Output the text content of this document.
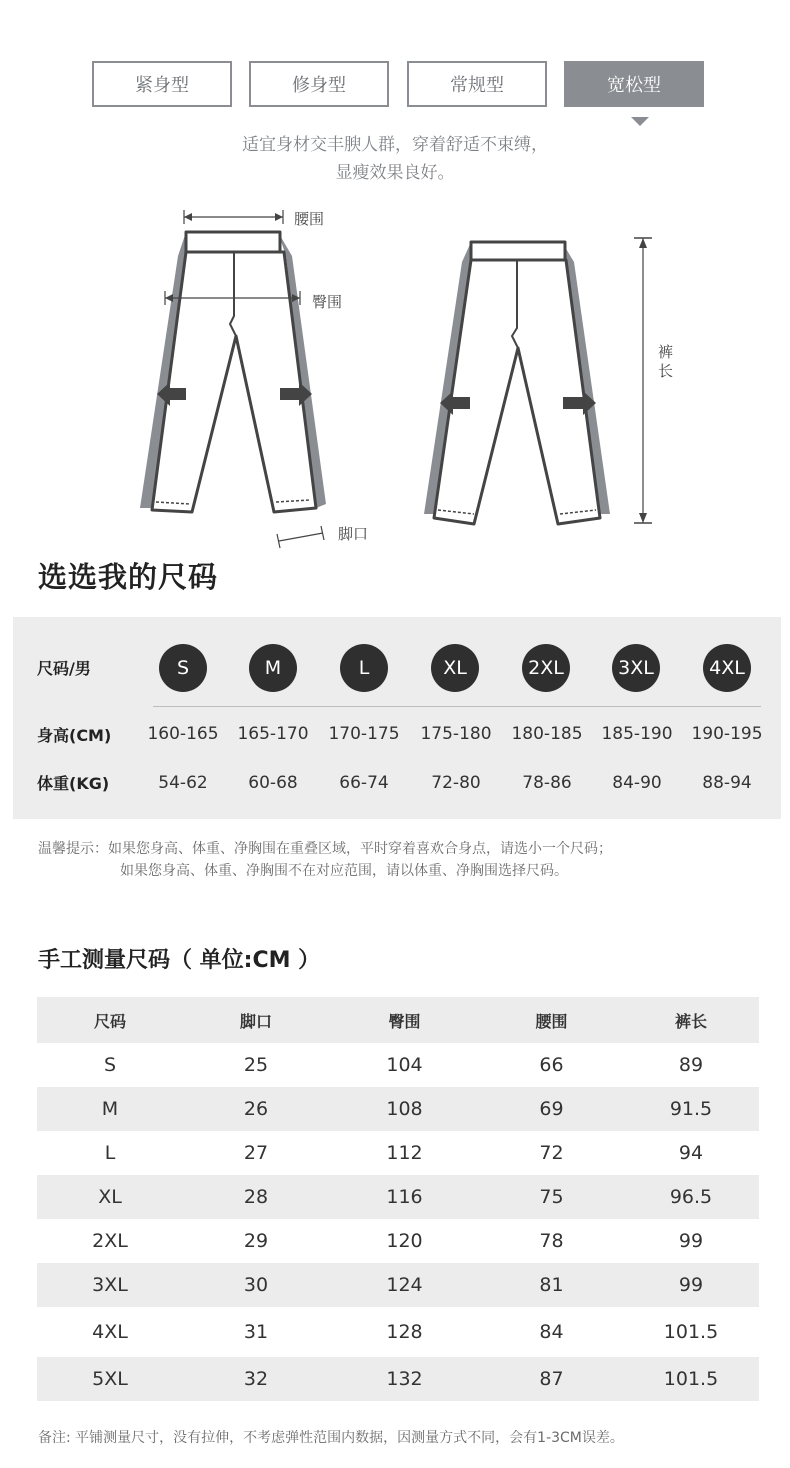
紧身型	修身型	常规型	宽松型
适宜身材交丰腴人群，穿着舒适不束缚，
显瘦效果良好。
腰围
臀围
脚口
裤长
选选我的尺码
尺码/男	S	M	L	XL	2XL	3XL	4XL
身高(CM)	160-165	165-170	170-175	175-180	180-185	185-190	190-195
体重(KG)	54-62	60-68	66-74	72-80	78-86	84-90	88-94
温馨提示：如果您身高、体重、净胸围在重叠区域，平时穿着喜欢合身点，请选小一个尺码；
如果您身高、体重、净胸围不在对应范围，请以体重、净胸围选择尺码。
手工测量尺码（ 单位:CM ）
尺码	脚口	臀围	腰围	裤长
S	25	104	66	89
M	26	108	69	91.5
L	27	112	72	94
XL	28	116	75	96.5
2XL	29	120	78	99
3XL	30	124	81	99
4XL	31	128	84	101.5
5XL	32	132	87	101.5
备注: 平铺测量尺寸，没有拉伸，不考虑弹性范围内数据，因测量方式不同，会有1-3CM误差。
